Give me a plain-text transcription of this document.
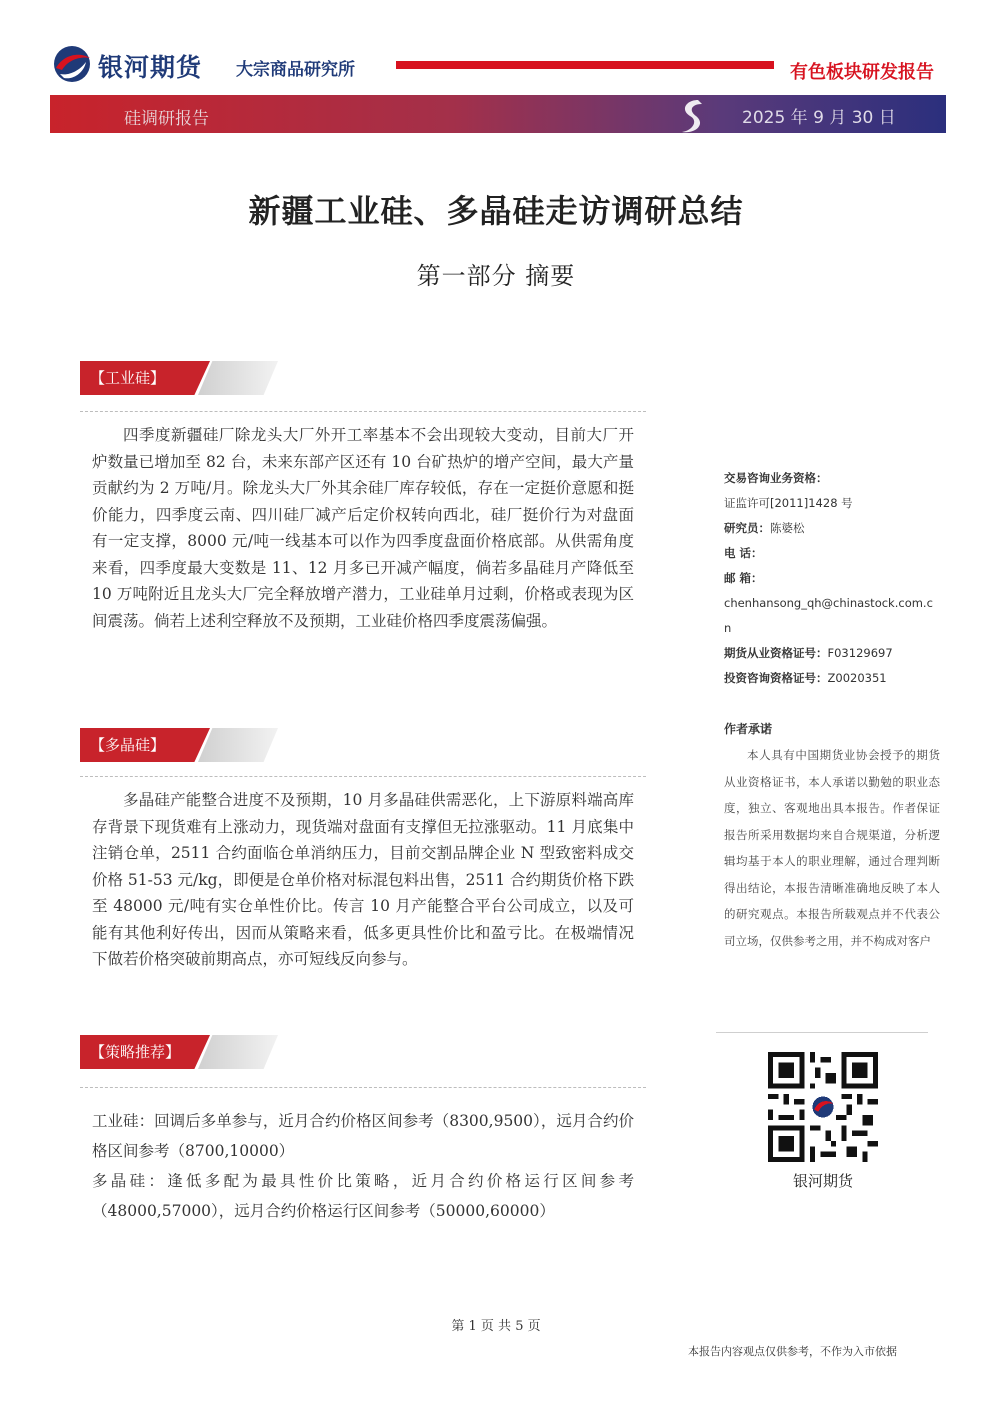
银河期货 大宗商品研究所	有色板块研发报告
硅调研报告	2025 年 9 月 30 日
新疆工业硅、多晶硅走访调研总结
第一部分 摘要
【工业硅】
四季度新疆硅厂除龙头大厂外开工率基本不会出现较大变动，目前大厂开炉数量已增加至 82 台，未来东部产区还有 10 台矿热炉的增产空间，最大产量贡献约为 2 万吨/月。除龙头大厂外其余硅厂库存较低，存在一定挺价意愿和挺价能力，四季度云南、四川硅厂减产后定价权转向西北，硅厂挺价行为对盘面有一定支撑，8000 元/吨一线基本可以作为四季度盘面价格底部。从供需角度来看，四季度最大变数是 11、12 月多已开减产幅度，倘若多晶硅月产降低至 10 万吨附近且龙头大厂完全释放增产潜力，工业硅单月过剩，价格或表现为区间震荡。倘若上述利空释放不及预期，工业硅价格四季度震荡偏强。
【多晶硅】
多晶硅产能整合进度不及预期，10 月多晶硅供需恶化，上下游原料端高库存背景下现货难有上涨动力，现货端对盘面有支撑但无拉涨驱动。11 月底集中注销仓单，2511 合约面临仓单消纳压力，目前交割品牌企业 N 型致密料成交价格 51-53 元/kg，即便是仓单价格对标混包料出售，2511 合约期货价格下跌至 48000 元/吨有实仓单性价比。传言 10 月产能整合平台公司成立，以及可能有其他利好传出，因而从策略来看，低多更具性价比和盈亏比。在极端情况下做若价格突破前期高点，亦可短线反向参与。
【策略推荐】
工业硅：回调后多单参与，近月合约价格区间参考（8300,9500），远月合约价格区间参考（8700,10000）
多晶硅：逢低多配为最具性价比策略，近月合约价格运行区间参考（48000,57000），远月合约价格运行区间参考（50000,60000）
交易咨询业务资格：
证监许可[2011]1428 号
研究员：陈婆松
电 话：
邮 箱：
chenhansong_qh@chinastock.com.cn
期货从业资格证号：F03129697
投资咨询资格证号：Z0020351
作者承诺
本人具有中国期货业协会授予的期货从业资格证书，本人承诺以勤勉的职业态度，独立、客观地出具本报告。作者保证报告所采用数据均来自合规渠道，分析逻辑均基于本人的职业理解，通过合理判断得出结论，本报告清晰准确地反映了本人的研究观点。本报告所载观点并不代表公司立场，仅供参考之用，并不构成对客户
银河期货
第 1 页 共 5 页
本报告内容观点仅供参考，不作为入市依据
